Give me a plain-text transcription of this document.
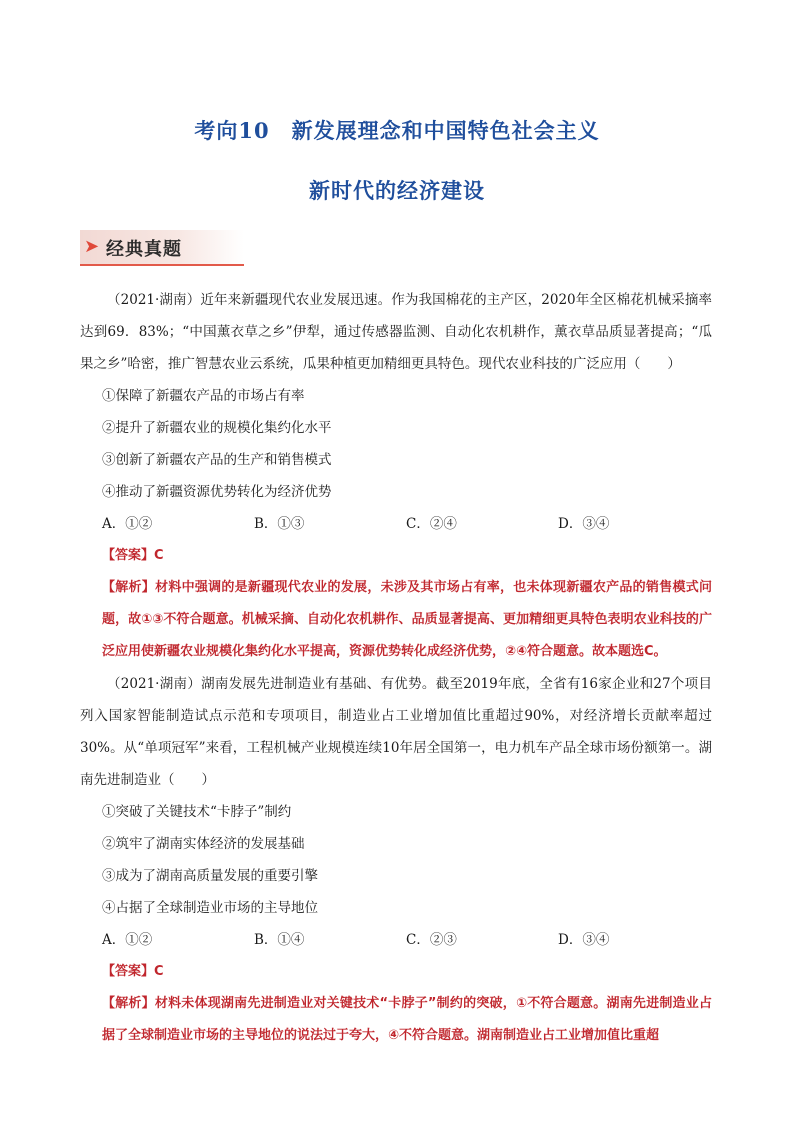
考向10　新发展理念和中国特色社会主义
新时代的经济建设
➤ 经典真题

（2021·湖南）近年来新疆现代农业发展迅速。作为我国棉花的主产区，2020年全区棉花机械采摘率达到69．83%；“中国薰衣草之乡”伊犁，通过传感器监测、自动化农机耕作，薰衣草品质显著提高；“瓜果之乡”哈密，推广智慧农业云系统，瓜果种植更加精细更具特色。现代农业科技的广泛应用（　　）

①保障了新疆农产品的市场占有率

②提升了新疆农业的规模化集约化水平

③创新了新疆农产品的生产和销售模式

④推动了新疆资源优势转化为经济优势

A．①②	B．①③	C．②④	D．③④

【答案】C

【解析】材料中强调的是新疆现代农业的发展，未涉及其市场占有率，也未体现新疆农产品的销售模式问题，故①③不符合题意。机械采摘、自动化农机耕作、品质显著提高、更加精细更具特色表明农业科技的广泛应用使新疆农业规模化集约化水平提高，资源优势转化成经济优势，②④符合题意。故本题选C。

（2021·湖南）湖南发展先进制造业有基础、有优势。截至2019年底，全省有16家企业和27个项目列入国家智能制造试点示范和专项项目，制造业占工业增加值比重超过90%，对经济增长贡献率超过30%。从“单项冠军”来看，工程机械产业规模连续10年居全国第一，电力机车产品全球市场份额第一。湖南先进制造业（　　）

①突破了关键技术“卡脖子”制约

②筑牢了湖南实体经济的发展基础

③成为了湖南高质量发展的重要引擎

④占据了全球制造业市场的主导地位

A．①②	B．①④	C．②③	D．③④

【答案】C

【解析】材料未体现湖南先进制造业对关键技术“卡脖子”制约的突破，①不符合题意。湖南先进制造业占据了全球制造业市场的主导地位的说法过于夸大，④不符合题意。湖南制造业占工业增加值比重超
